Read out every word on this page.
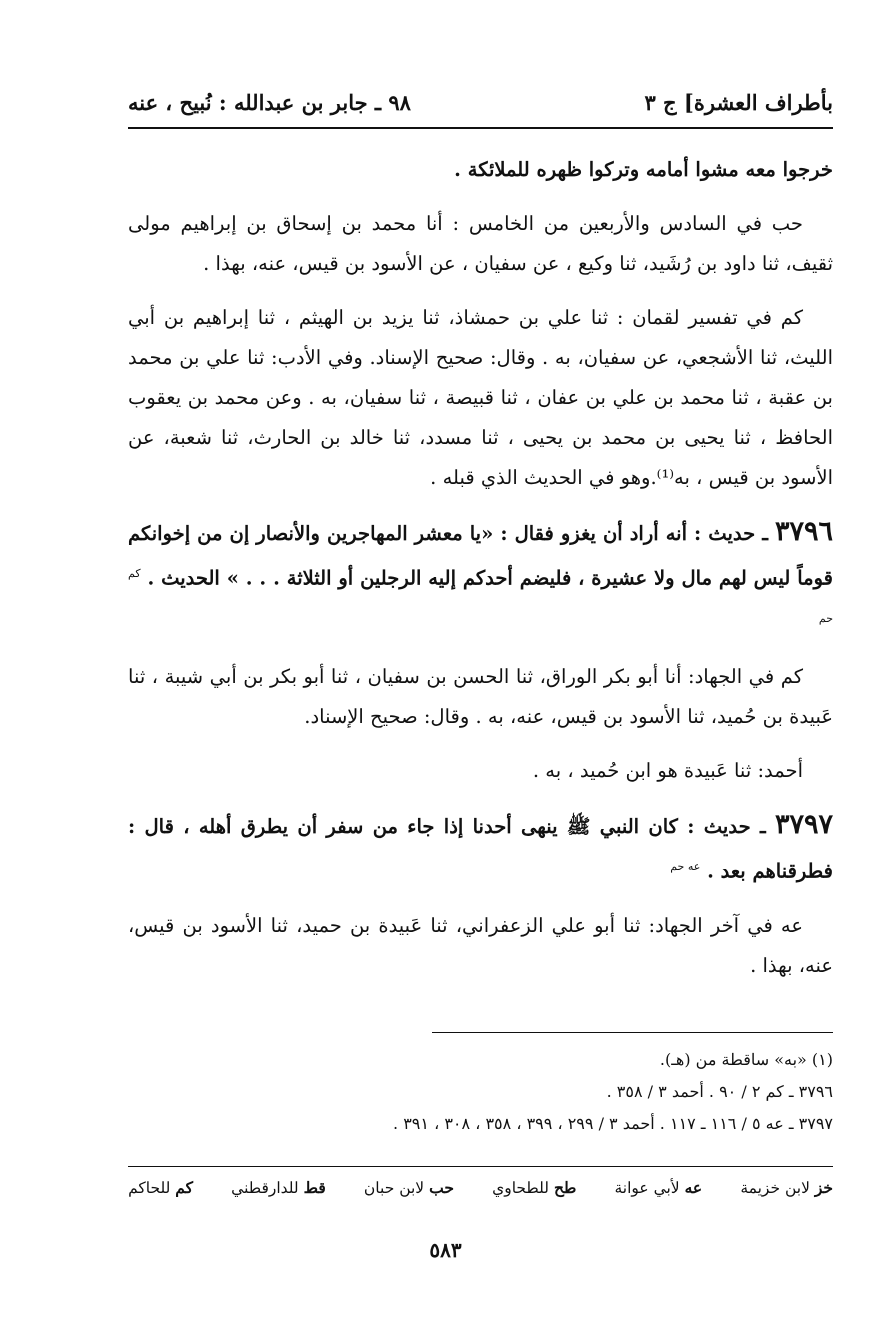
بأطراف العشرة] ج ٣
٩٨ ـ جابر بن عبدالله : نُبيح ، عنه

خرجوا معه مشوا أمامه وتركوا ظهره للملائكة .

حب في السادس والأربعين من الخامس : أنا محمد بن إسحاق بن إبراهيم مولى ثقيف، ثنا داود بن رُشَيد، ثنا وكيع ، عن سفيان ، عن الأسود بن قيس، عنه، بهذا .

كم في تفسير لقمان : ثنا علي بن حمشاذ، ثنا يزيد بن الهيثم ، ثنا إبراهيم بن أبي الليث، ثنا الأشجعي، عن سفيان، به . وقال: صحيح الإسناد. وفي الأدب: ثنا علي بن محمد بن عقبة ، ثنا محمد بن علي بن عفان ، ثنا قبيصة ، ثنا سفيان، به . وعن محمد بن يعقوب الحافظ ، ثنا يحيى بن محمد بن يحيى ، ثنا مسدد، ثنا خالد بن الحارث، ثنا شعبة، عن الأسود بن قيس ، به⁽¹⁾.وهو في الحديث الذي قبله .

٣٧٩٦ ـ حديث : أنه أراد أن يغزو فقال : «يا معشر المهاجرين والأنصار إن من إخوانكم قوماً ليس لهم مال ولا عشيرة ، فليضم أحدكم إليه الرجلين أو الثلاثة . . . » الحديث . $^{كم حم}$

كم في الجهاد: أنا أبو بكر الوراق، ثنا الحسن بن سفيان ، ثنا أبو بكر بن أبي شيبة ، ثنا عَبيدة بن حُميد، ثنا الأسود بن قيس، عنه، به . وقال: صحيح الإسناد.

أحمد: ثنا عَبيدة هو ابن حُميد ، به .

٣٧٩٧ ـ حديث : كان النبي ﷺ ينهى أحدنا إذا جاء من سفر أن يطرق أهله ، قال : فطرقناهم بعد . $^{عه حم}$

عه في آخر الجهاد: ثنا أبو علي الزعفراني، ثنا عَبيدة بن حميد، ثنا الأسود بن قيس، عنه، بهذا .

(١) «به» ساقطة من (هـ).

٣٧٩٦ ـ كم ٢ / ٩٠ . أحمد ٣ / ٣٥٨ .

٣٧٩٧ ـ عه ٥ / ١١٦ ـ ١١٧ . أحمد ٣ / ٢٩٩ ، ٣٩٩ ، ٣٥٨ ، ٣٠٨ ، ٣٩١ .

خز لابن خزيمة
عه لأبي عوانة
طح للطحاوي
حب لابن حبان
قط للدارقطني
كم للحاكم
٥٨٣
